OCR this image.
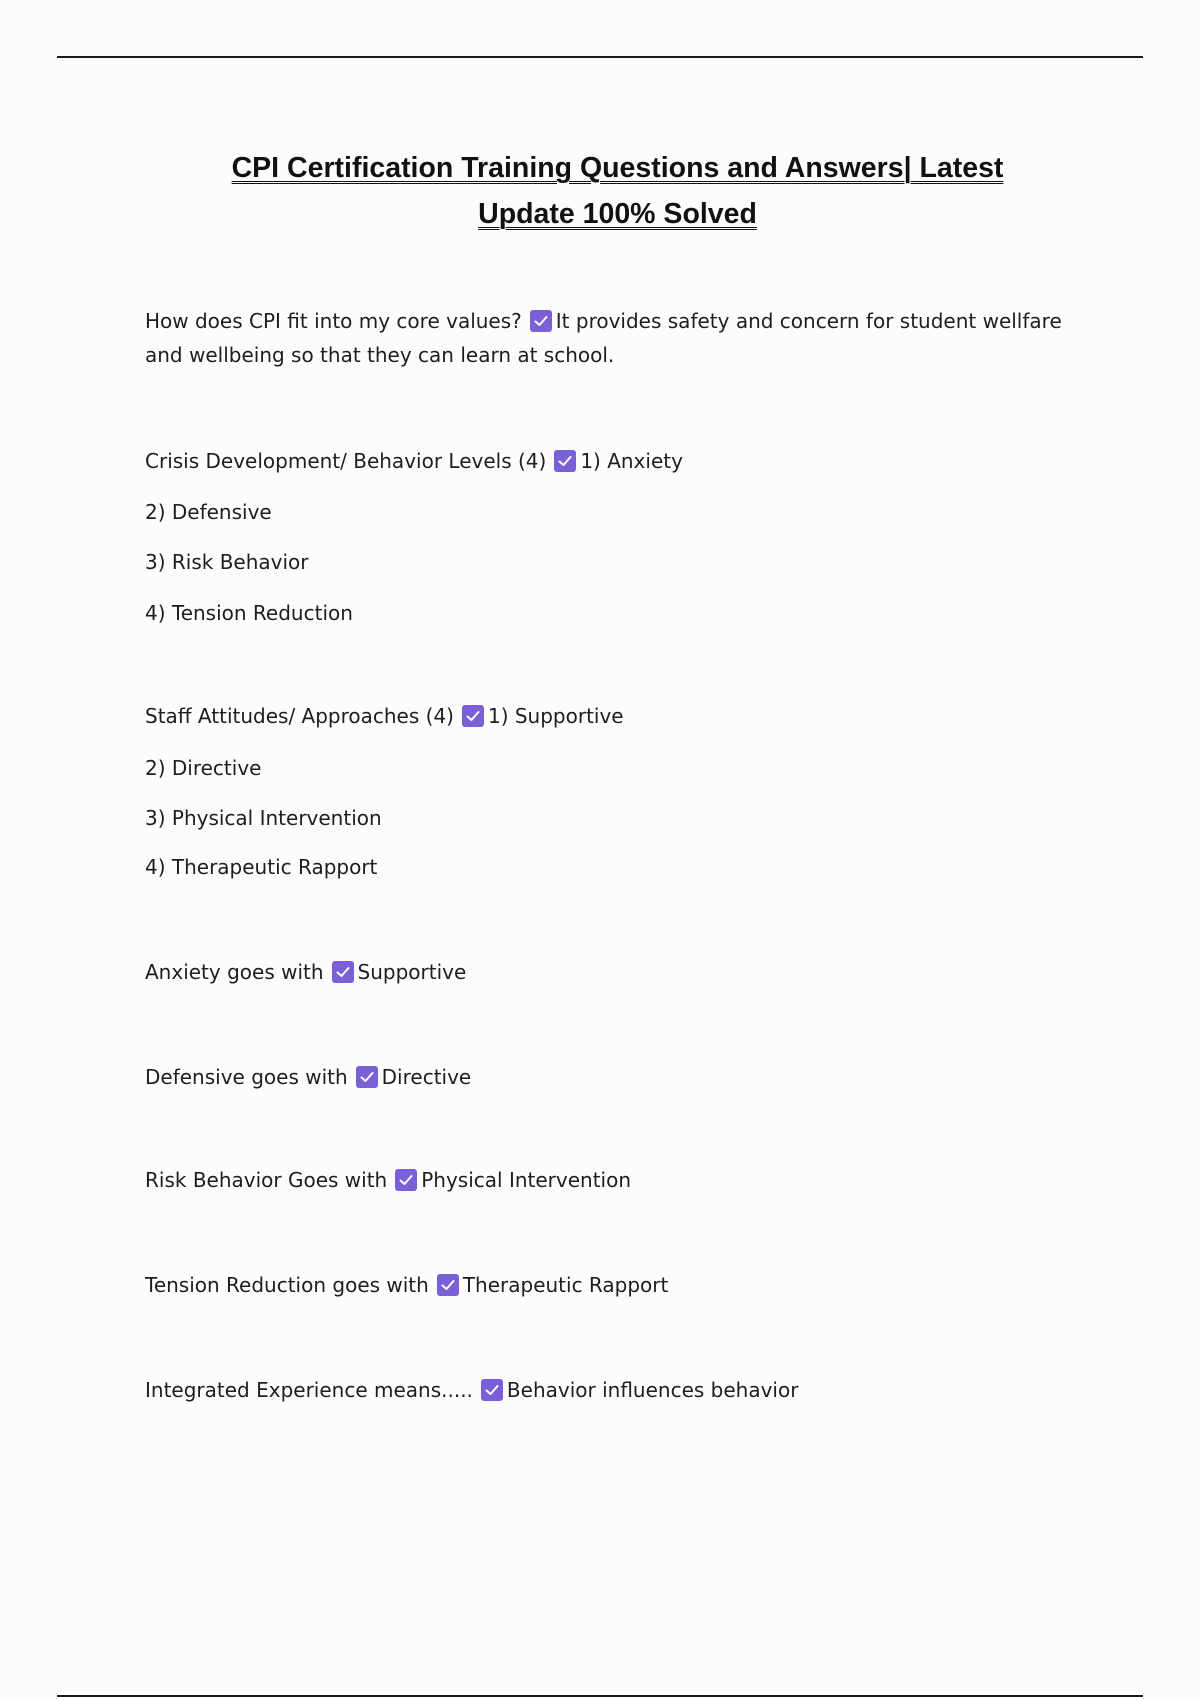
CPI Certification Training Questions and Answers| Latest
Update 100% Solved

How does CPI fit into my core values? It provides safety and concern for student wellfare and wellbeing so that they can learn at school.

Crisis Development/ Behavior Levels (4) 1) Anxiety

2) Defensive

3) Risk Behavior

4) Tension Reduction

Staff Attitudes/ Approaches (4) 1) Supportive

2) Directive

3) Physical Intervention

4) Therapeutic Rapport

Anxiety goes with Supportive

Defensive goes with Directive

Risk Behavior Goes with Physical Intervention

Tension Reduction goes with Therapeutic Rapport

Integrated Experience means..... Behavior influences behavior
